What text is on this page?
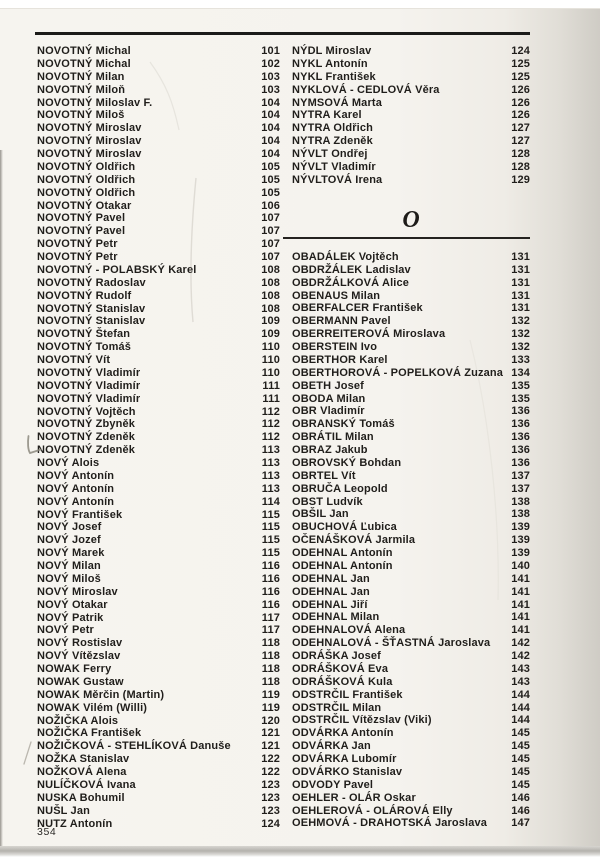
NOVOTNÝ Michal	101
NOVOTNÝ Michal	102
NOVOTNÝ Milan	103
NOVOTNÝ Miloň	103
NOVOTNÝ Miloslav F.	104
NOVOTNÝ Miloš	104
NOVOTNÝ Miroslav	104
NOVOTNÝ Miroslav	104
NOVOTNÝ Miroslav	104
NOVOTNÝ Oldřich	105
NOVOTNÝ Oldřich	105
NOVOTNÝ Oldřich	105
NOVOTNÝ Otakar	106
NOVOTNÝ Pavel	107
NOVOTNÝ Pavel	107
NOVOTNÝ Petr	107
NOVOTNÝ Petr	107
NOVOTNÝ - POLABSKÝ Karel	108
NOVOTNÝ Radoslav	108
NOVOTNÝ Rudolf	108
NOVOTNÝ Stanislav	108
NOVOTNÝ Stanislav	109
NOVOTNÝ Štefan	109
NOVOTNÝ Tomáš	110
NOVOTNÝ Vít	110
NOVOTNÝ Vladimír	110
NOVOTNÝ Vladimír	111
NOVOTNÝ Vladimír	111
NOVOTNÝ Vojtěch	112
NOVOTNÝ Zbyněk	112
NOVOTNÝ Zdeněk	112
NOVOTNÝ Zdeněk	113
NOVÝ Alois	113
NOVÝ Antonín	113
NOVÝ Antonín	113
NOVÝ Antonín	114
NOVÝ František	115
NOVÝ Josef	115
NOVÝ Jozef	115
NOVÝ Marek	115
NOVÝ Milan	116
NOVÝ Miloš	116
NOVÝ Miroslav	116
NOVÝ Otakar	116
NOVÝ Patrik	117
NOVÝ Petr	117
NOVÝ Rostislav	118
NOVÝ Vítězslav	118
NOWAK Ferry	118
NOWAK Gustaw	118
NOWAK Měrčin (Martin)	119
NOWAK Vilém (Willi)	119
NOŽIČKA Alois	120
NOŽIČKA František	121
NOŽIČKOVÁ - STEHLÍKOVÁ Danuše	121
NOŽKA Stanislav	122
NOŽKOVÁ Alena	122
NULÍČKOVÁ Ivana	123
NUSKA Bohumil	123
NUŠL Jan	123
NUTZ Antonín	124
NÝDL Miroslav	124
NYKL Antonín	125
NYKL František	125
NYKLOVÁ - CEDLOVÁ Věra	126
NYMSOVÁ Marta	126
NYTRA Karel	126
NYTRA Oldřich	127
NYTRA Zdeněk	127
NÝVLT Ondřej	128
NÝVLT Vladimír	128
NÝVLTOVÁ Irena	129
O
OBADÁLEK Vojtěch	131
OBDRŽÁLEK Ladislav	131
OBDRŽÁLKOVÁ Alice	131
OBENAUS Milan	131
OBERFALCER František	131
OBERMANN Pavel	132
OBERREITEROVÁ Miroslava	132
OBERSTEIN Ivo	132
OBERTHOR Karel	133
OBERTHOROVÁ - POPELKOVÁ Zuzana 134
OBETH Josef	135
OBODA Milan	135
OBR Vladimír	136
OBRANSKÝ Tomáš	136
OBRÁTIL Milan	136
OBRAZ Jakub	136
OBROVSKÝ Bohdan	136
OBRTEL Vít	137
OBRUČA Leopold	137
OBST Ludvík	138
OBŠIL Jan	138
OBUCHOVÁ Ľubica	139
OČENÁŠKOVÁ Jarmila	139
ODEHNAL Antonín	139
ODEHNAL Antonín	140
ODEHNAL Jan	141
ODEHNAL Jan	141
ODEHNAL Jiří	141
ODEHNAL Milan	141
ODEHNALOVÁ Alena	141
ODEHNALOVÁ - ŠŤASTNÁ Jaroslava	142
ODRÁŠKA Josef	142
ODRÁŠKOVÁ Eva	143
ODRÁŠKOVÁ Kula	143
ODSTRČIL František	144
ODSTRČIL Milan	144
ODSTRČIL Vítězslav (Viki)	144
ODVÁRKA Antonín	145
ODVÁRKA Jan	145
ODVÁRKA Lubomír	145
ODVÁRKO Stanislav	145
ODVODY Pavel	145
OEHLER - OLÁR Oskar	146
OEHLEROVÁ - OLÁROVÁ Elly	146
OEHMOVÁ - DRAHOTSKÁ Jaroslava	147
354
